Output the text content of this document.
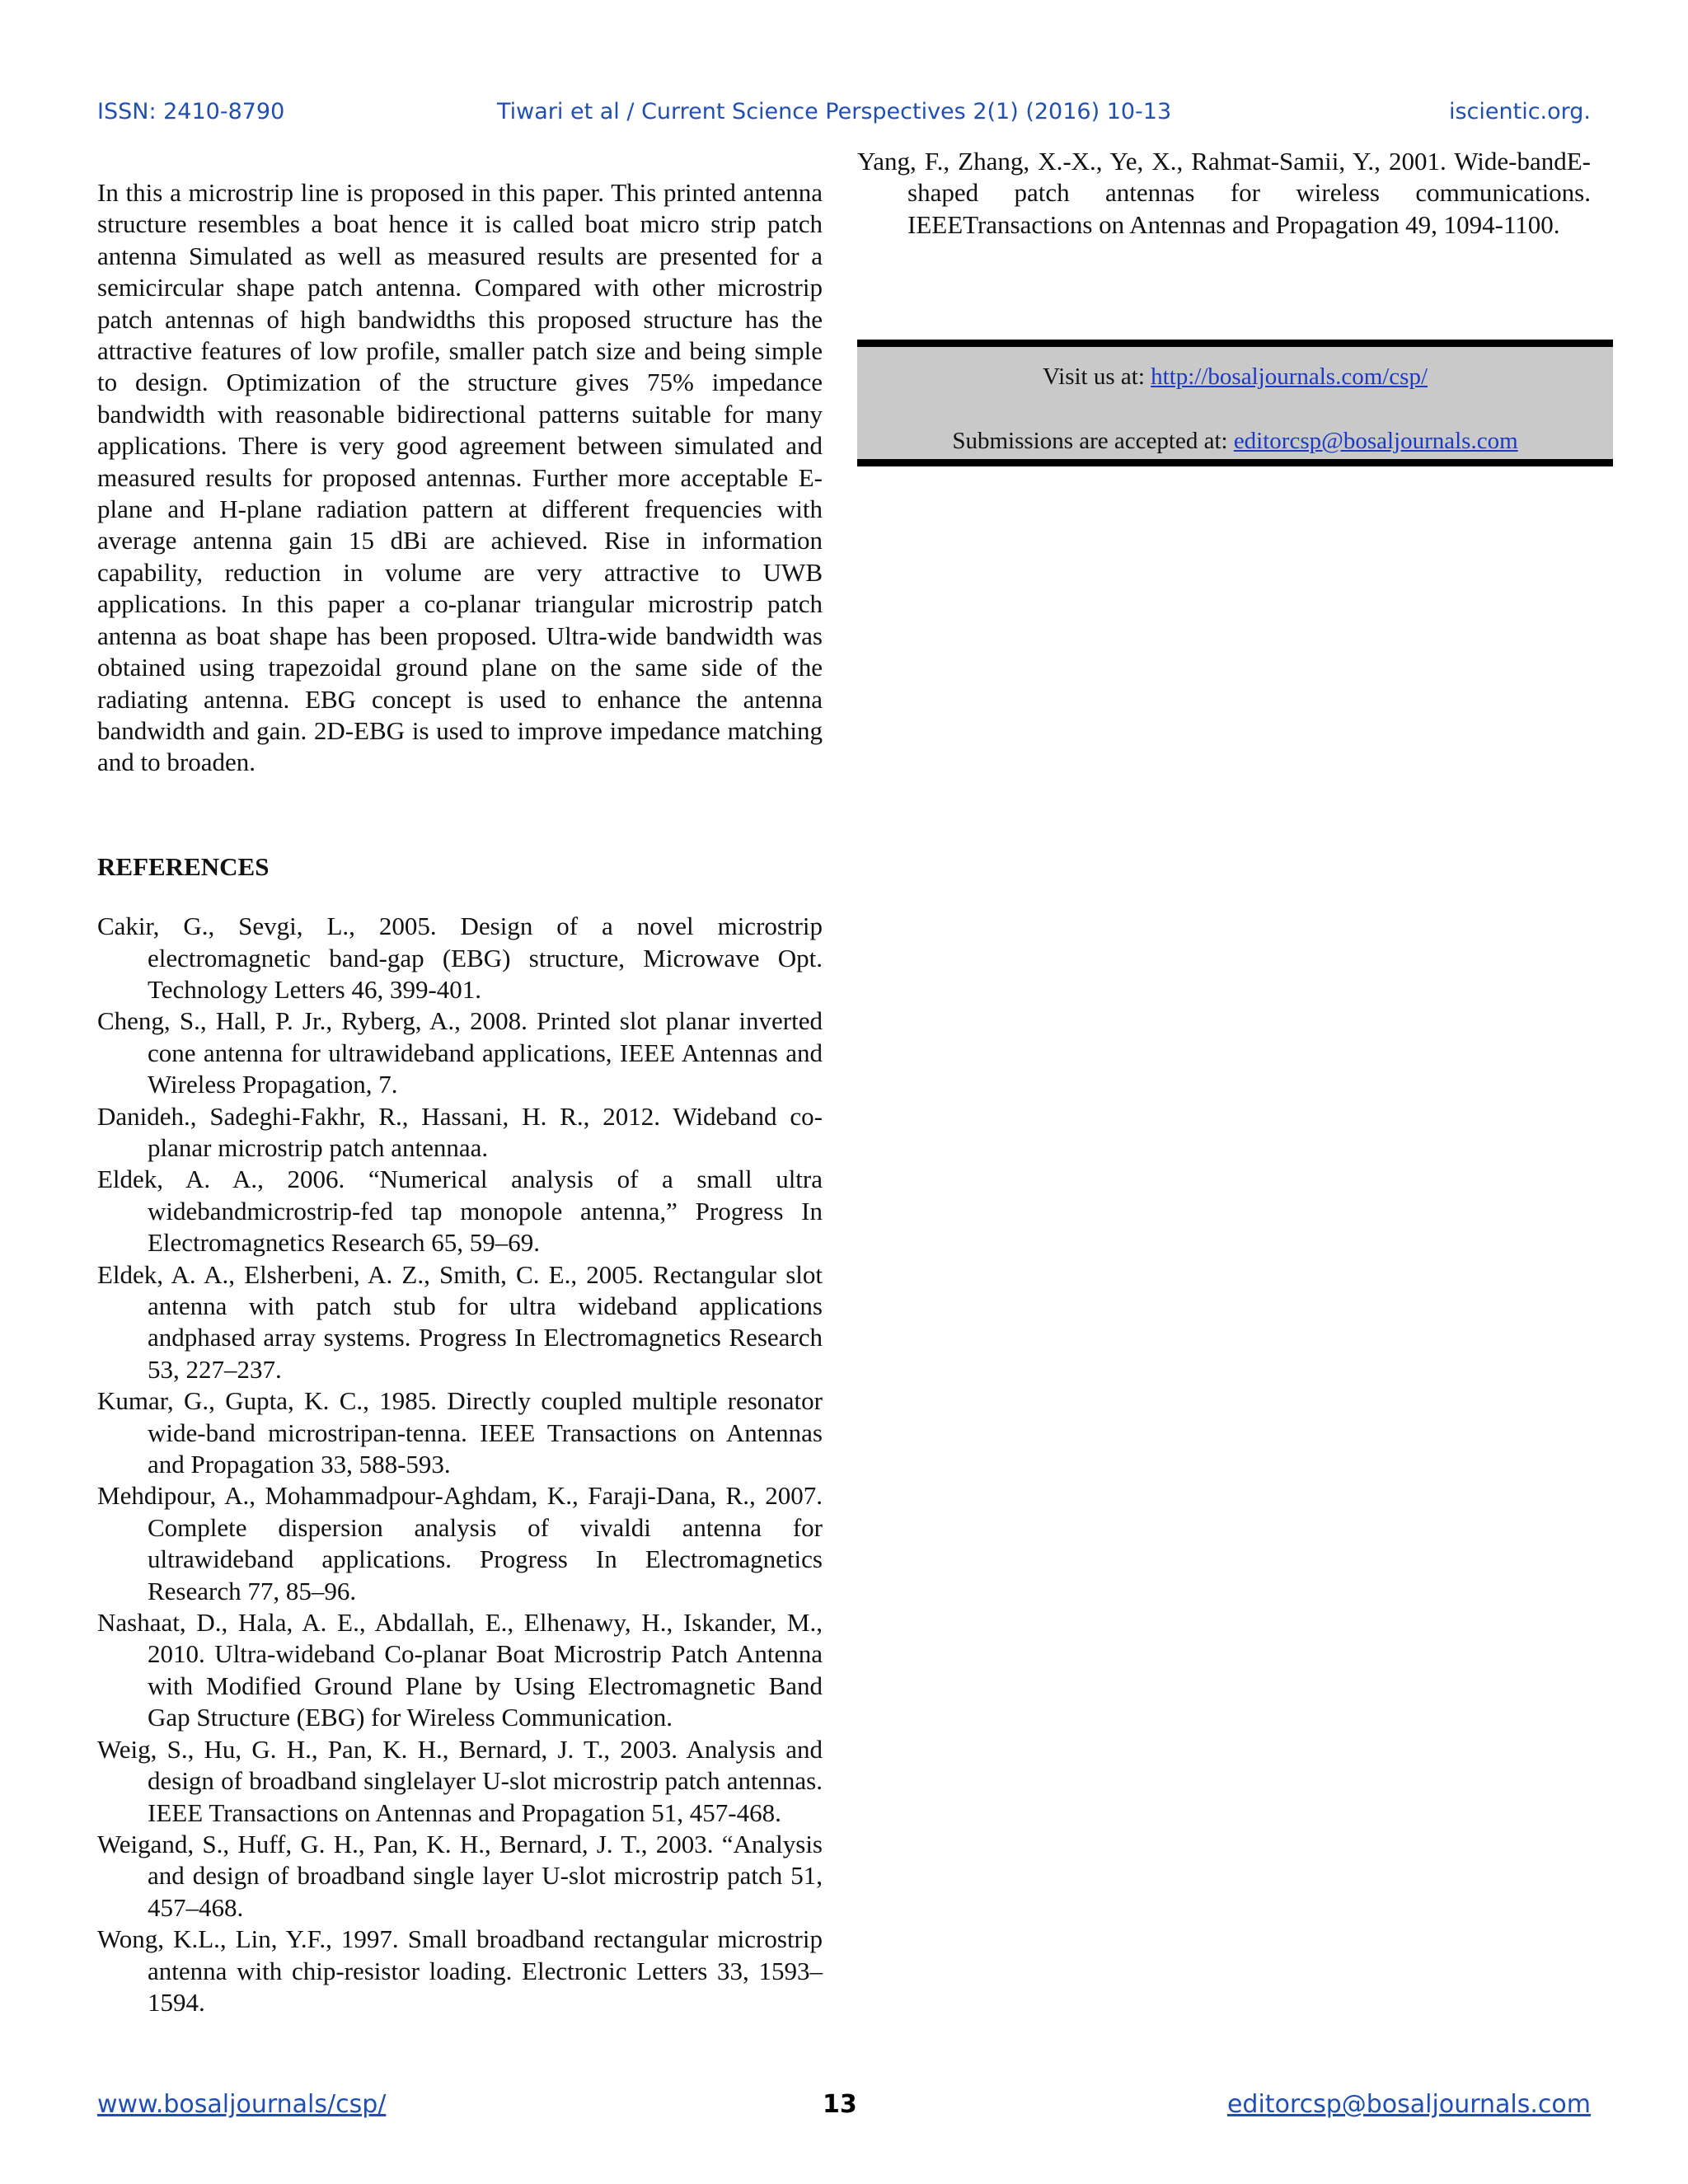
ISSN: 2410-8790	Tiwari et al / Current Science Perspectives 2(1) (2016) 10-13	iscientic.org.

In this a microstrip line is proposed in this paper. This printed antenna structure resembles a boat hence it is called boat micro strip patch antenna Simulated as well as measured results are presented for a semicircular shape patch antenna. Compared with other microstrip patch antennas of high bandwidths this proposed structure has the attractive features of low profile, smaller patch size and being simple to design. Optimization of the structure gives 75% impedance bandwidth with reasonable bidirectional patterns suitable for many applications. There is very good agreement between simulated and measured results for proposed antennas. Further more acceptable E-plane and H-plane radiation pattern at different frequencies with average antenna gain 15 dBi are achieved. Rise in information capability, reduction in volume are very attractive to UWB applications. In this paper a co-planar triangular microstrip patch antenna as boat shape has been proposed. Ultra-wide bandwidth was obtained using trapezoidal ground plane on the same side of the radiating antenna. EBG concept is used to enhance the antenna bandwidth and gain. 2D-EBG is used to improve impedance matching and to broaden.

REFERENCES

Cakir, G., Sevgi, L., 2005. Design of a novel microstrip electromagnetic band-gap (EBG) structure, Microwave Opt. Technology Letters 46, 399-401.

Cheng, S., Hall, P. Jr., Ryberg, A., 2008. Printed slot planar inverted cone antenna for ultrawideband applications, IEEE Antennas and Wireless Propagation, 7.

Danideh., Sadeghi-Fakhr, R., Hassani, H. R., 2012. Wideband co-planar microstrip patch antennaa.

Eldek, A. A., 2006. “Numerical analysis of a small ultra widebandmicrostrip-fed tap monopole antenna,” Progress In Electromagnetics Research 65, 59–69.

Eldek, A. A., Elsherbeni, A. Z., Smith, C. E., 2005. Rectangular slot antenna with patch stub for ultra wideband applications andphased array systems. Progress In Electromagnetics Research 53, 227–237.

Kumar, G., Gupta, K. C., 1985. Directly coupled multiple resonator wide-band microstripan-tenna. IEEE Transactions on Antennas and Propagation 33, 588-593.

Mehdipour, A., Mohammadpour-Aghdam, K., Faraji-Dana, R., 2007. Complete dispersion analysis of vivaldi antenna for ultrawideband applications. Progress In Electromagnetics Research 77, 85–96.

Nashaat, D., Hala, A. E., Abdallah, E., Elhenawy, H., Iskander, M., 2010. Ultra-wideband Co-planar Boat Microstrip Patch Antenna with Modified Ground Plane by Using Electromagnetic Band Gap Structure (EBG) for Wireless Communication.

Weig, S., Hu, G. H., Pan, K. H., Bernard, J. T., 2003. Analysis and design of broadband singlelayer U-slot microstrip patch antennas. IEEE Transactions on Antennas and Propagation 51, 457-468.

Weigand, S., Huff, G. H., Pan, K. H., Bernard, J. T., 2003. “Analysis and design of broadband single layer U-slot microstrip patch 51, 457–468.

Wong, K.L., Lin, Y.F., 1997. Small broadband rectangular microstrip antenna with chip-resistor loading. Electronic Letters 33, 1593–1594.

Yang, F., Zhang, X.-X., Ye, X., Rahmat-Samii, Y., 2001. Wide-bandE-shaped patch antennas for wireless communications. IEEETransactions on Antennas and Propagation 49, 1094-1100.

Visit us at: http://bosaljournals.com/csp/
Submissions are accepted at: editorcsp@bosaljournals.com
www.bosaljournals/csp/	13	editorcsp@bosaljournals.com
